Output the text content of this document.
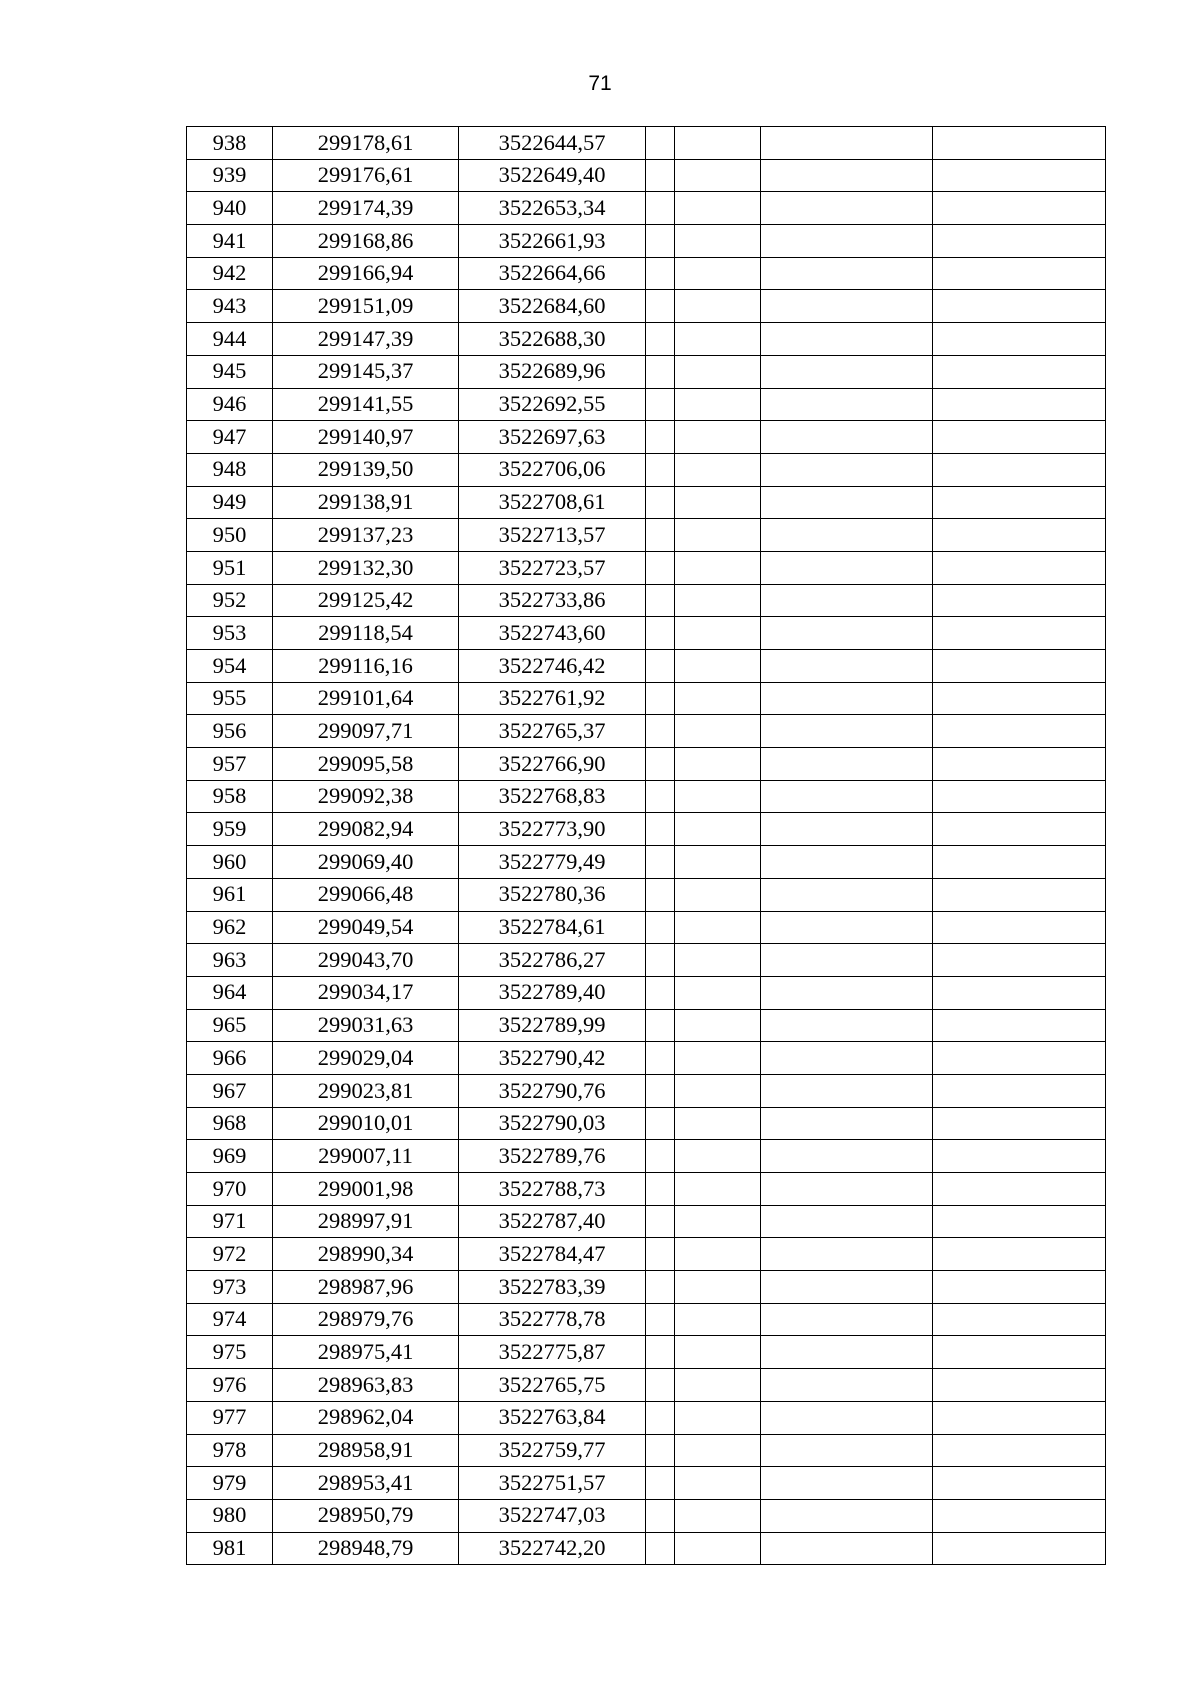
71
938	299178,61	3522644,57				
939	299176,61	3522649,40				
940	299174,39	3522653,34				
941	299168,86	3522661,93				
942	299166,94	3522664,66				
943	299151,09	3522684,60				
944	299147,39	3522688,30				
945	299145,37	3522689,96				
946	299141,55	3522692,55				
947	299140,97	3522697,63				
948	299139,50	3522706,06				
949	299138,91	3522708,61				
950	299137,23	3522713,57				
951	299132,30	3522723,57				
952	299125,42	3522733,86				
953	299118,54	3522743,60				
954	299116,16	3522746,42				
955	299101,64	3522761,92				
956	299097,71	3522765,37				
957	299095,58	3522766,90				
958	299092,38	3522768,83				
959	299082,94	3522773,90				
960	299069,40	3522779,49				
961	299066,48	3522780,36				
962	299049,54	3522784,61				
963	299043,70	3522786,27				
964	299034,17	3522789,40				
965	299031,63	3522789,99				
966	299029,04	3522790,42				
967	299023,81	3522790,76				
968	299010,01	3522790,03				
969	299007,11	3522789,76				
970	299001,98	3522788,73				
971	298997,91	3522787,40				
972	298990,34	3522784,47				
973	298987,96	3522783,39				
974	298979,76	3522778,78				
975	298975,41	3522775,87				
976	298963,83	3522765,75				
977	298962,04	3522763,84				
978	298958,91	3522759,77				
979	298953,41	3522751,57				
980	298950,79	3522747,03				
981	298948,79	3522742,20				
